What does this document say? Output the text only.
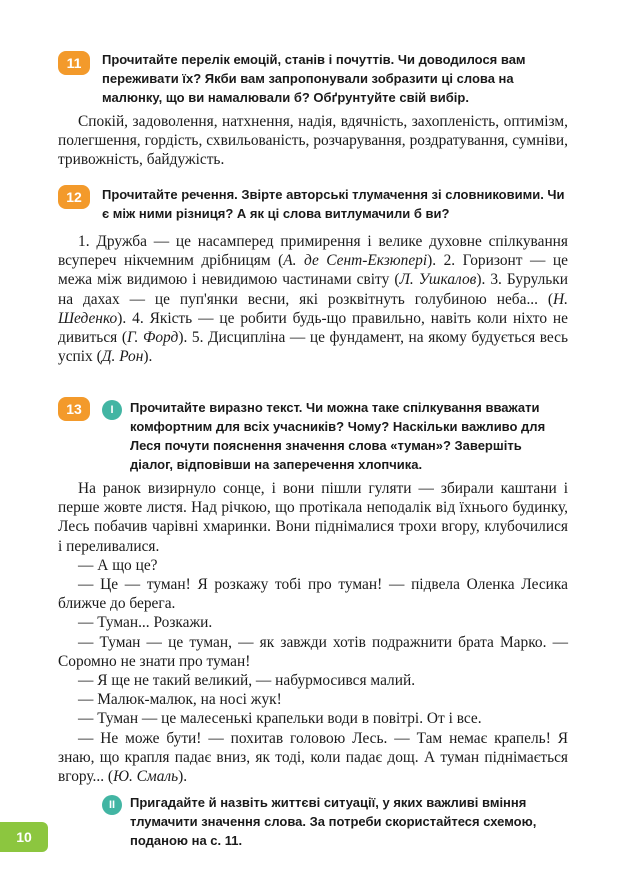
11	Прочитайте перелік емоцій, станів і почуттів. Чи доводилося вам переживати їх? Якби вам запропонували зобразити ці слова на малюнку, що ви намалювали б? Обґрунтуйте свій вибір.

Спокій, задоволення, натхнення, надія, вдячність, захопленість, оптимізм, полегшення, гордість, схвильованість, розчарування, роздратування, сумніви, тривожність, байдужість.

12	Прочитайте речення. Звірте авторські тлумачення зі словниковими. Чи є між ними різниця? А як ці слова витлумачили б ви?

1. Дружба — це насамперед примирення і велике духовне спілкування всупереч нікчемним дрібницям (А. де Сент-Екзюпері). 2. Горизонт — це межа між видимою і невидимою частинами світу (Л. Ушкалов). 3. Бурульки на дахах — це пуп'янки весни, які розквітнуть голубиною неба... (Н. Шеденко). 4. Якість — це робити будь-що правильно, навіть коли ніхто не дивиться (Г. Форд). 5. Дисципліна — це фундамент, на якому будується весь успіх (Д. Рон).

13	I	Прочитайте виразно текст. Чи можна таке спілкування вважати комфортним для всіх учасників? Чому? Наскільки важливо для Леся почути пояснення значення слова «туман»? Завершіть діалог, відповівши на заперечення хлопчика.

На ранок визирнуло сонце, і вони пішли гуляти — збирали каштани і перше жовте листя. Над річкою, що протікала неподалік від їхнього будинку, Лесь побачив чарівні хмаринки. Вони піднімалися трохи вгору, клубочилися і переливалися.

— А що це?

— Це — туман! Я розкажу тобі про туман! — підвела Оленка Лесика ближче до берега.

— Туман... Розкажи.

— Туман — це туман, — як завжди хотів подражнити брата Марко. — Соромно не знати про туман!

— Я ще не такий великий, — набурмосився малий.

— Малюк-малюк, на носі жук!

— Туман — це малесенькі крапельки води в повітрі. От і все.

— Не може бути! — похитав головою Лесь. — Там немає крапель! Я знаю, що крапля падає вниз, як тоді, коли падає дощ. А туман піднімається вгору... (Ю. Смаль).

II	Пригадайте й назвіть життєві ситуації, у яких важливі вміння тлумачити значення слова. За потреби скористайтеся схемою, поданою на с. 11.

10
